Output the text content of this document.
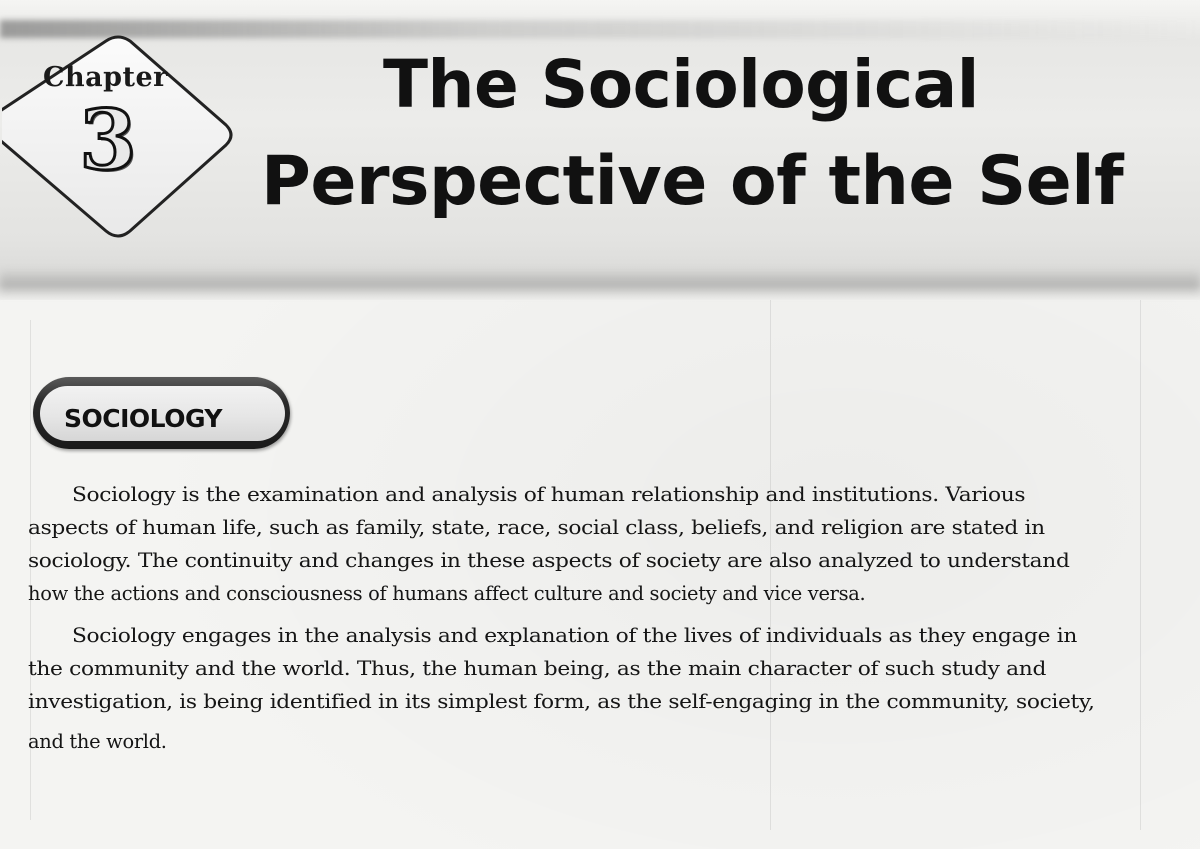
Chapter
3
The Sociological
Perspective of the Self
SOCIOLOGY
Sociology is the examination and analysis of human relationship and institutions. Various
aspects of human life, such as family, state, race, social class, beliefs, and religion are stated in
sociology. The continuity and changes in these aspects of society are also analyzed to understand
how the actions and consciousness of humans affect culture and society and vice versa.
Sociology engages in the analysis and explanation of the lives of individuals as they engage in
the community and the world. Thus, the human being, as the main character of such study and
investigation, is being identified in its simplest form, as the self-engaging in the community, society,
and the world.
